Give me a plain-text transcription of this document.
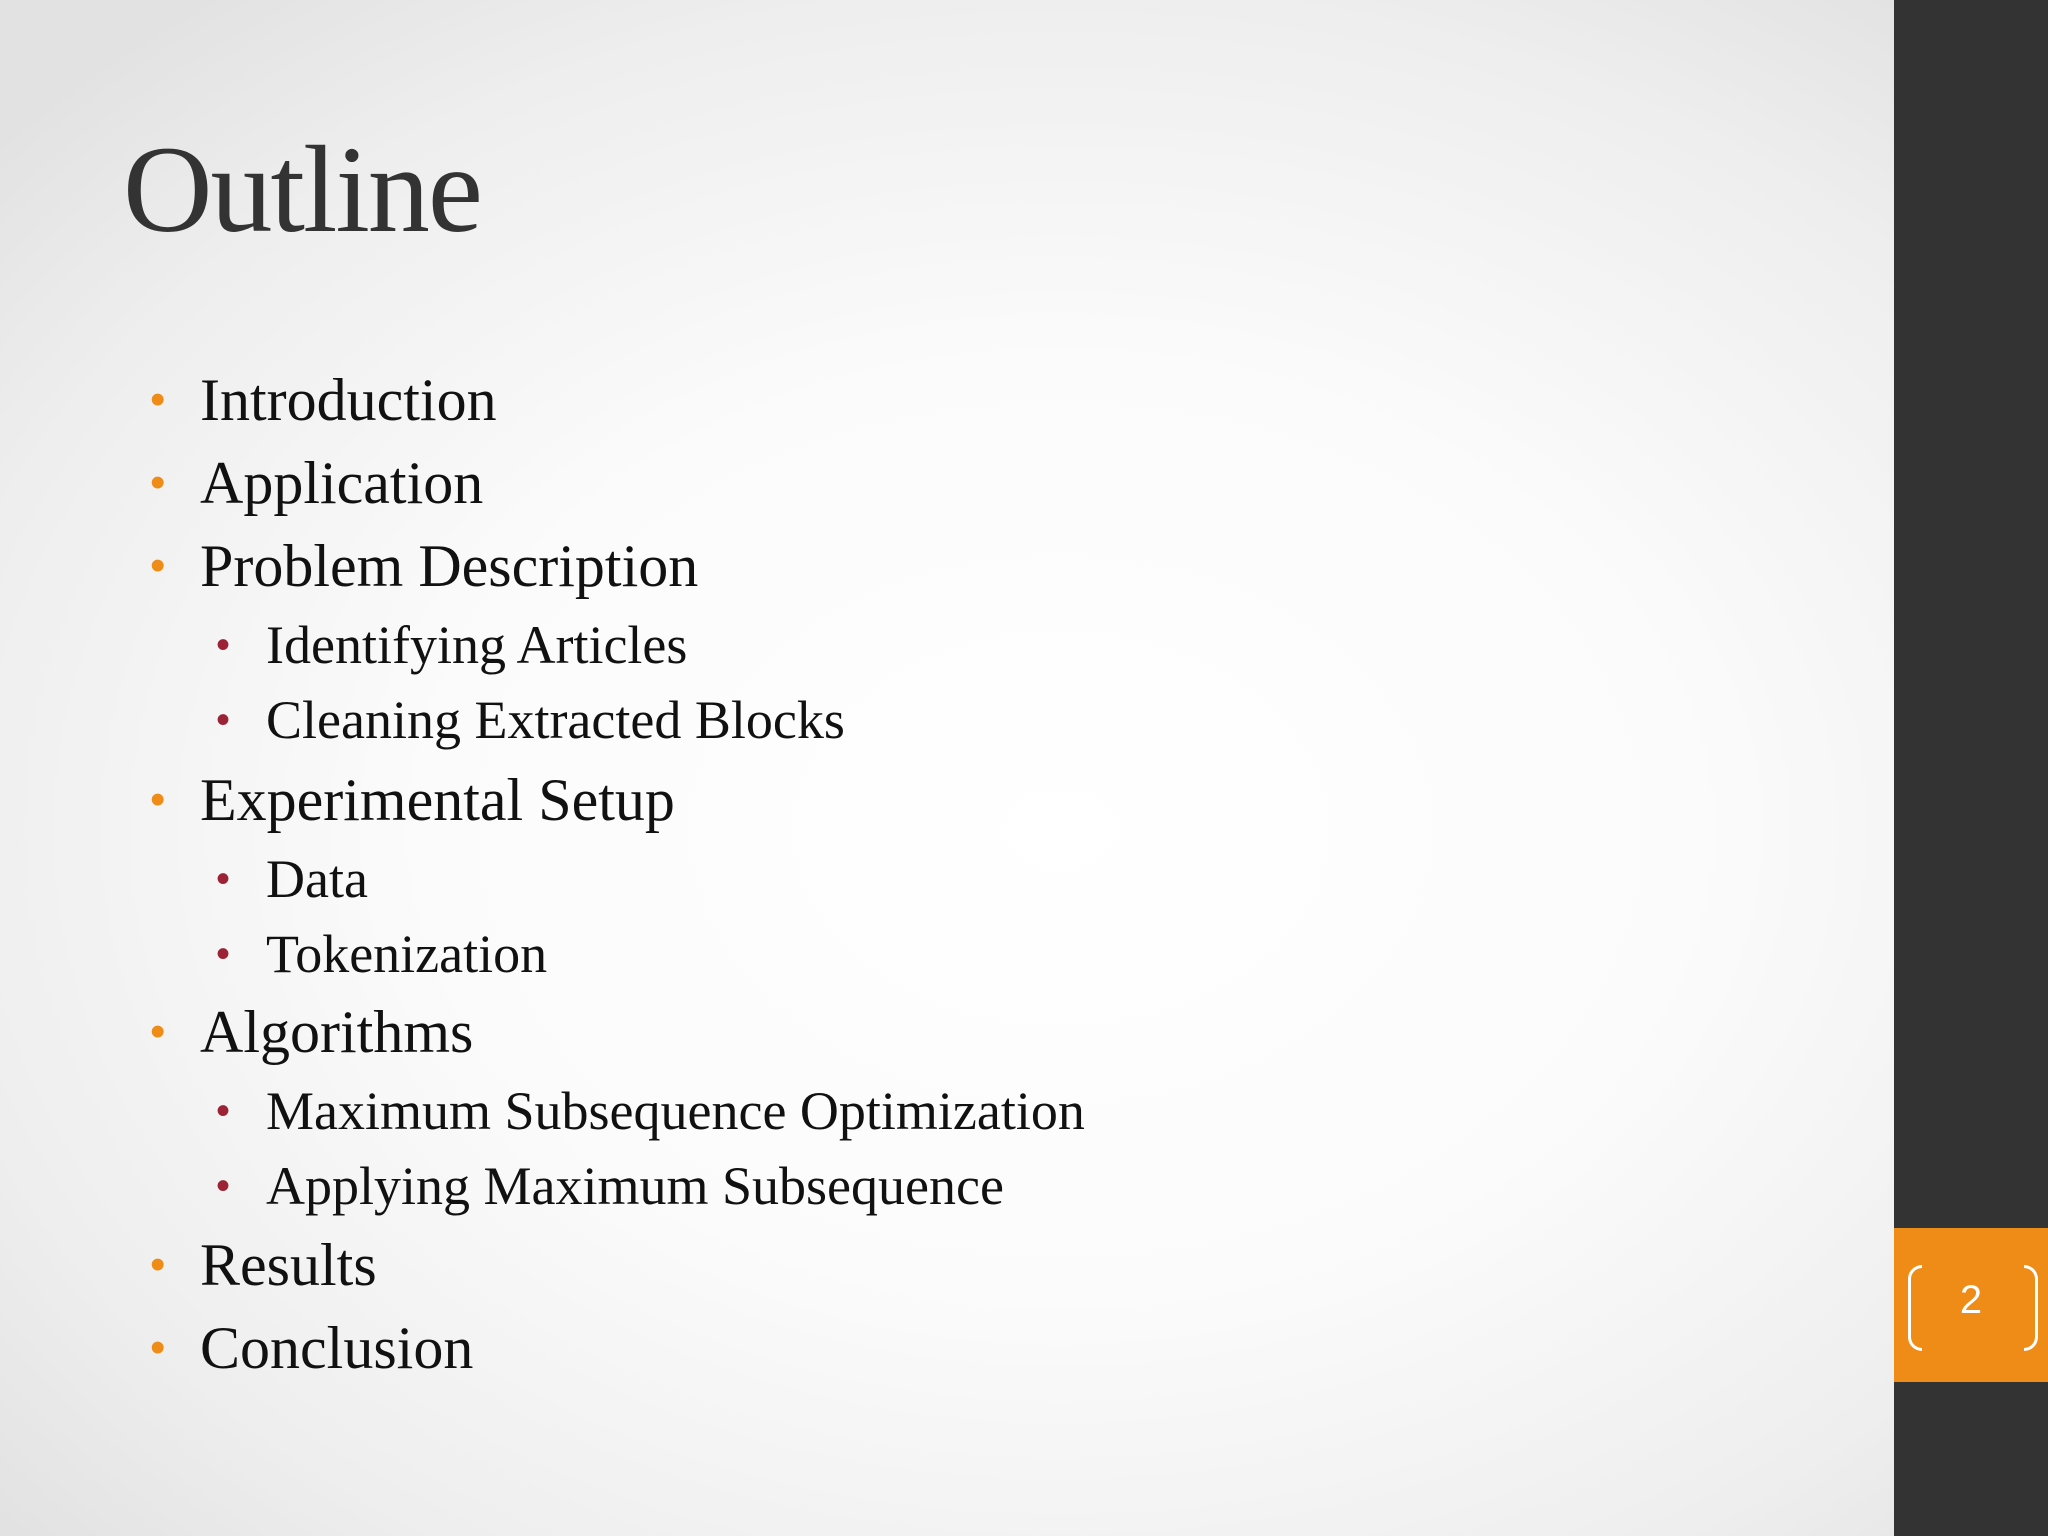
Outline
• Introduction
• Application
• Problem Description
• Identifying Articles
• Cleaning Extracted Blocks
• Experimental Setup
• Data
• Tokenization
• Algorithms
• Maximum Subsequence Optimization
• Applying Maximum Subsequence
• Results
• Conclusion
2
